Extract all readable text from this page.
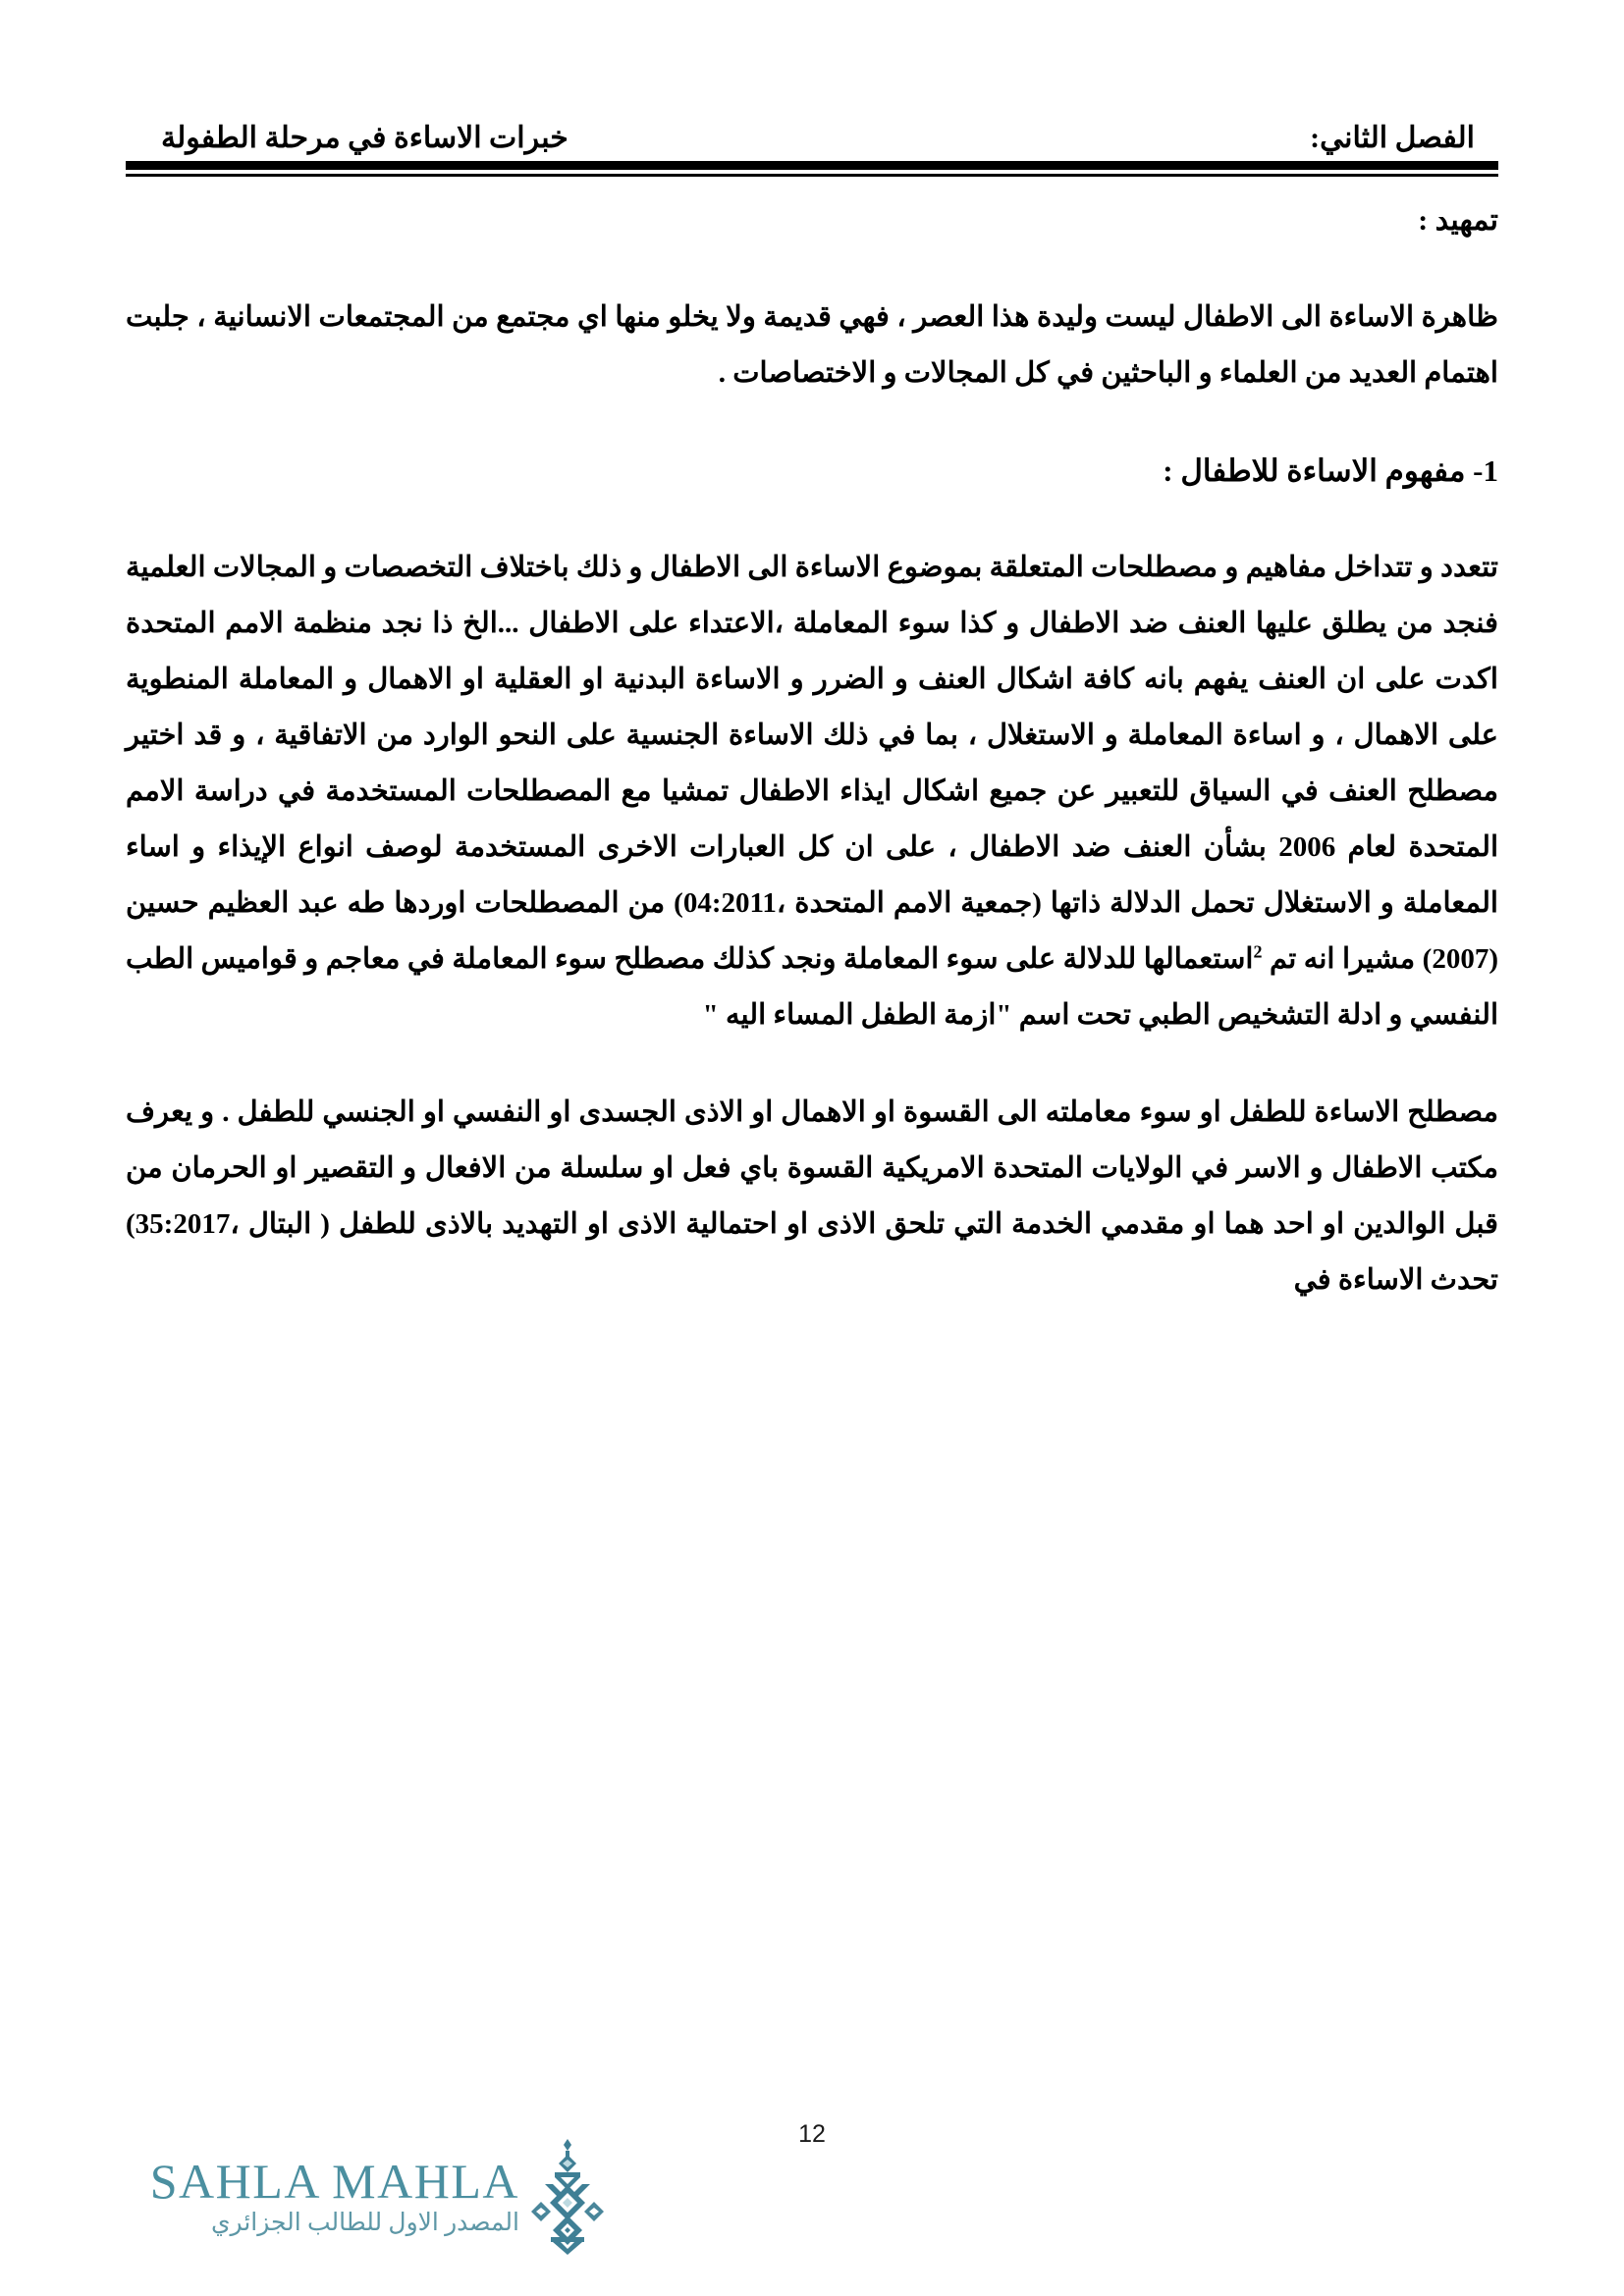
الفصل الثاني:
خبرات الاساءة في مرحلة الطفولة
تمهيد :

ظاهرة الاساءة الى الاطفال ليست وليدة هذا العصر ، فهي قديمة ولا يخلو منها اي مجتمع من المجتمعات الانسانية ، جلبت اهتمام العديد من العلماء و الباحثين في كل المجالات و الاختصاصات .

1- مفهوم الاساءة للاطفال :

تتعدد و تتداخل مفاهيم و مصطلحات المتعلقة بموضوع الاساءة الى الاطفال و ذلك باختلاف التخصصات و المجالات العلمية فنجد من يطلق عليها العنف ضد الاطفال و كذا سوء المعاملة ،الاعتداء على الاطفال ...الخ ذا نجد منظمة الامم المتحدة اكدت على ان العنف يفهم بانه كافة اشكال العنف و الضرر و الاساءة البدنية او العقلية او الاهمال و المعاملة المنطوية على الاهمال ، و اساءة المعاملة و الاستغلال ، بما في ذلك الاساءة الجنسية على النحو الوارد من الاتفاقية ، و قد اختير مصطلح العنف في السياق للتعبير عن جميع اشكال ايذاء الاطفال تمشيا مع المصطلحات المستخدمة في دراسة الامم المتحدة لعام 2006 بشأن العنف ضد الاطفال ، على ان كل العبارات الاخرى المستخدمة لوصف انواع الإيذاء و اساء المعاملة و الاستغلال تحمل الدلالة ذاتها (جمعية الامم المتحدة ،04:2011) من المصطلحات اوردها طه عبد العظيم حسين (2007) مشيرا انه تم $^2$استعمالها للدلالة على سوء المعاملة ونجد كذلك مصطلح سوء المعاملة في معاجم و قواميس الطب النفسي و ادلة التشخيص الطبي تحت اسم "ازمة الطفل المساء اليه "

مصطلح الاساءة للطفل او سوء معاملته الى القسوة او الاهمال او الاذى الجسدى او النفسي او الجنسي للطفل . و يعرف مكتب الاطفال و الاسر في الولايات المتحدة الامريكية القسوة باي فعل او سلسلة من الافعال و التقصير او الحرمان من قبل الوالدين او احد هما او مقدمي الخدمة التي تلحق الاذى او احتمالية الاذى او التهديد بالاذى للطفل ( البتال ،35:2017) تحدث الاساءة في

12
SAHLA MAHLA
المصدر الاول للطالب الجزائري
